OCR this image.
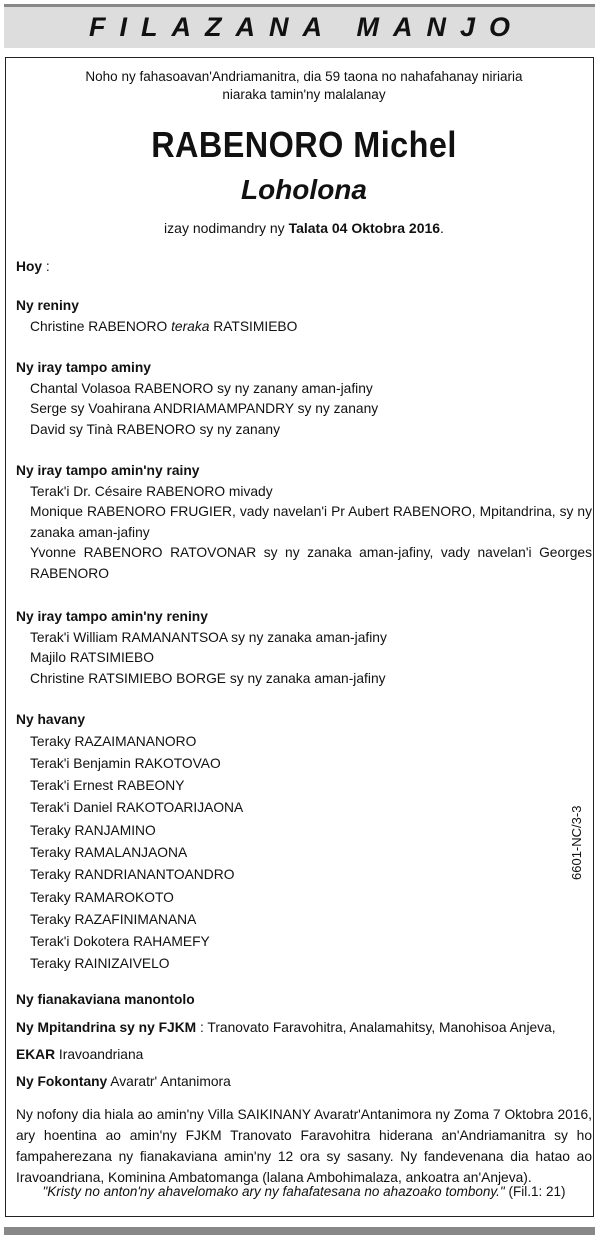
FILAZANA MANJO
Noho ny fahasoavan'Andriamanitra, dia 59 taona no nahafahanay niriaria
niaraka tamin'ny malalanay
RABENORO Michel
Loholona
izay nodimandry ny Talata 04 Oktobra 2016.
Hoy :
Ny reniny
Christine RABENORO teraka RATSIMIEBO
Ny iray tampo aminy
Chantal Volasoa RABENORO sy ny zanany aman-jafiny
Serge sy Voahirana ANDRIAMAMPANDRY sy ny zanany
David sy Tinà RABENORO sy ny zanany
Ny iray tampo amin'ny rainy
Terak'i Dr. Césaire RABENORO mivady
Monique RABENORO FRUGIER, vady navelan'i Pr Aubert RABENORO, Mpitandrina, sy ny zanaka aman-jafiny
Yvonne RABENORO RATOVONAR sy ny zanaka aman-jafiny, vady navelan'i Georges RABENORO
Ny iray tampo amin'ny reniny
Terak'i William RAMANANTSOA sy ny zanaka aman-jafiny
Majilo RATSIMIEBO
Christine RATSIMIEBO BORGE sy ny zanaka aman-jafiny
Ny havany
Teraky RAZAIMANANORO
Terak'i Benjamin RAKOTOVAO
Terak'i Ernest RABEONY
Terak'i Daniel RAKOTOARIJAONA
Teraky RANJAMINO
Teraky RAMALANJAONA
Teraky RANDRIANANTOANDRO
Teraky RAMAROKOTO
Teraky RAZAFINIMANANA
Terak'i Dokotera RAHAMEFY
Teraky RAINIZAIVELO
Ny fianakaviana manontolo
Ny Mpitandrina sy ny FJKM : Tranovato Faravohitra, Analamahitsy, Manohisoa Anjeva,
EKAR Iravoandriana
Ny Fokontany Avaratr' Antanimora
Ny nofony dia hiala ao amin'ny Villa SAIKINANY Avaratr'Antanimora ny Zoma 7 Oktobra 2016, ary hoentina ao amin'ny FJKM Tranovato Faravohitra hiderana an'Andriamanitra sy ho fampaherezana ny fianakaviana amin'ny 12 ora sy sasany. Ny fandevenana dia hatao ao Iravoandriana, Kominina Ambatomanga (lalana Ambohimalaza, ankoatra an'Anjeva).
"Kristy no anton'ny ahavelomako ary ny fahafatesana no ahazoako tombony." (Fil.1: 21)
6601-NC/3-3
